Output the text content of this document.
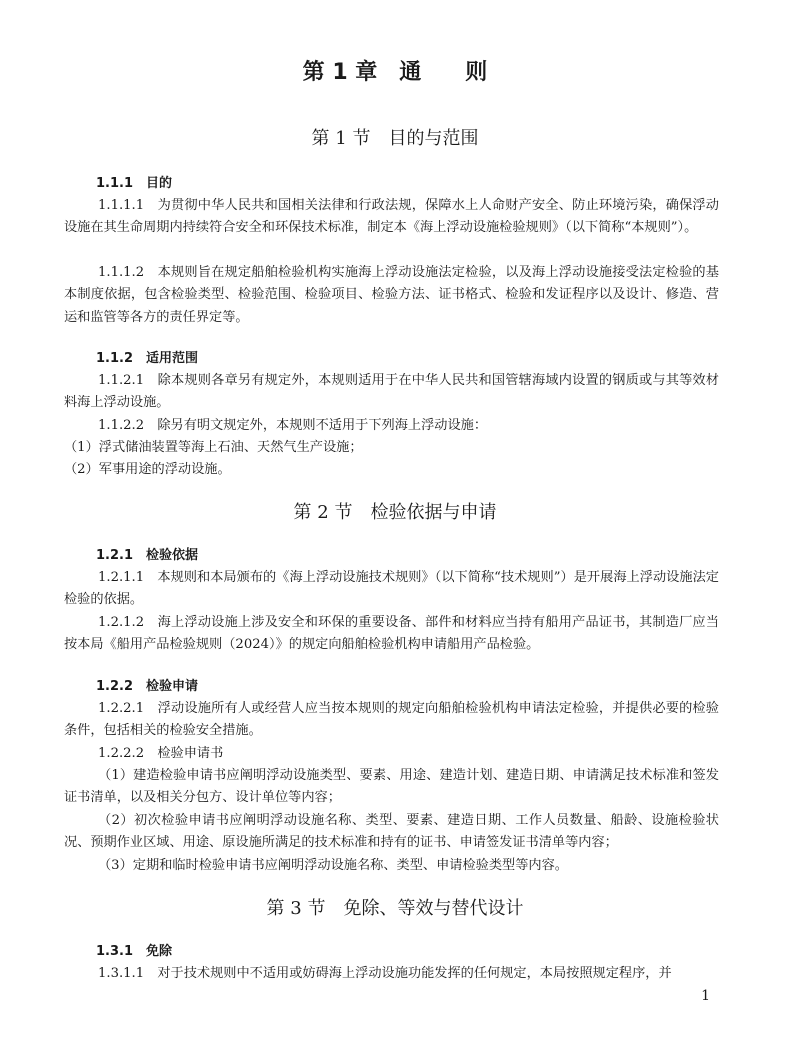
第 1 章　通　　则
第 1 节　目的与范围
1.1.1　目的
1.1.1.1　为贯彻中华人民共和国相关法律和行政法规，保障水上人命财产安全、防止环境污染，确保浮动设施在其生命周期内持续符合安全和环保技术标准，制定本《海上浮动设施检验规则》（以下简称“本规则”）。
1.1.1.2　本规则旨在规定船舶检验机构实施海上浮动设施法定检验，以及海上浮动设施接受法定检验的基本制度依据，包含检验类型、检验范围、检验项目、检验方法、证书格式、检验和发证程序以及设计、修造、营运和监管等各方的责任界定等。
1.1.2　适用范围
1.1.2.1　除本规则各章另有规定外，本规则适用于在中华人民共和国管辖海域内设置的钢质或与其等效材料海上浮动设施。
1.1.2.2　除另有明文规定外，本规则不适用于下列海上浮动设施：
（1）浮式储油装置等海上石油、天然气生产设施；
（2）军事用途的浮动设施。
第 2 节　检验依据与申请
1.2.1　检验依据
1.2.1.1　本规则和本局颁布的《海上浮动设施技术规则》（以下简称“技术规则”）是开展海上浮动设施法定检验的依据。
1.2.1.2　海上浮动设施上涉及安全和环保的重要设备、部件和材料应当持有船用产品证书，其制造厂应当按本局《船用产品检验规则（2024）》的规定向船舶检验机构申请船用产品检验。
1.2.2　检验申请
1.2.2.1　浮动设施所有人或经营人应当按本规则的规定向船舶检验机构申请法定检验，并提供必要的检验条件，包括相关的检验安全措施。
1.2.2.2　检验申请书
（1）建造检验申请书应阐明浮动设施类型、要素、用途、建造计划、建造日期、申请满足技术标准和签发证书清单，以及相关分包方、设计单位等内容；
（2）初次检验申请书应阐明浮动设施名称、类型、要素、建造日期、工作人员数量、船龄、设施检验状况、预期作业区域、用途、原设施所满足的技术标准和持有的证书、申请签发证书清单等内容；
（3）定期和临时检验申请书应阐明浮动设施名称、类型、申请检验类型等内容。
第 3 节　免除、等效与替代设计
1.3.1　免除
1.3.1.1　对于技术规则中不适用或妨碍海上浮动设施功能发挥的任何规定，本局按照规定程序，并
1
